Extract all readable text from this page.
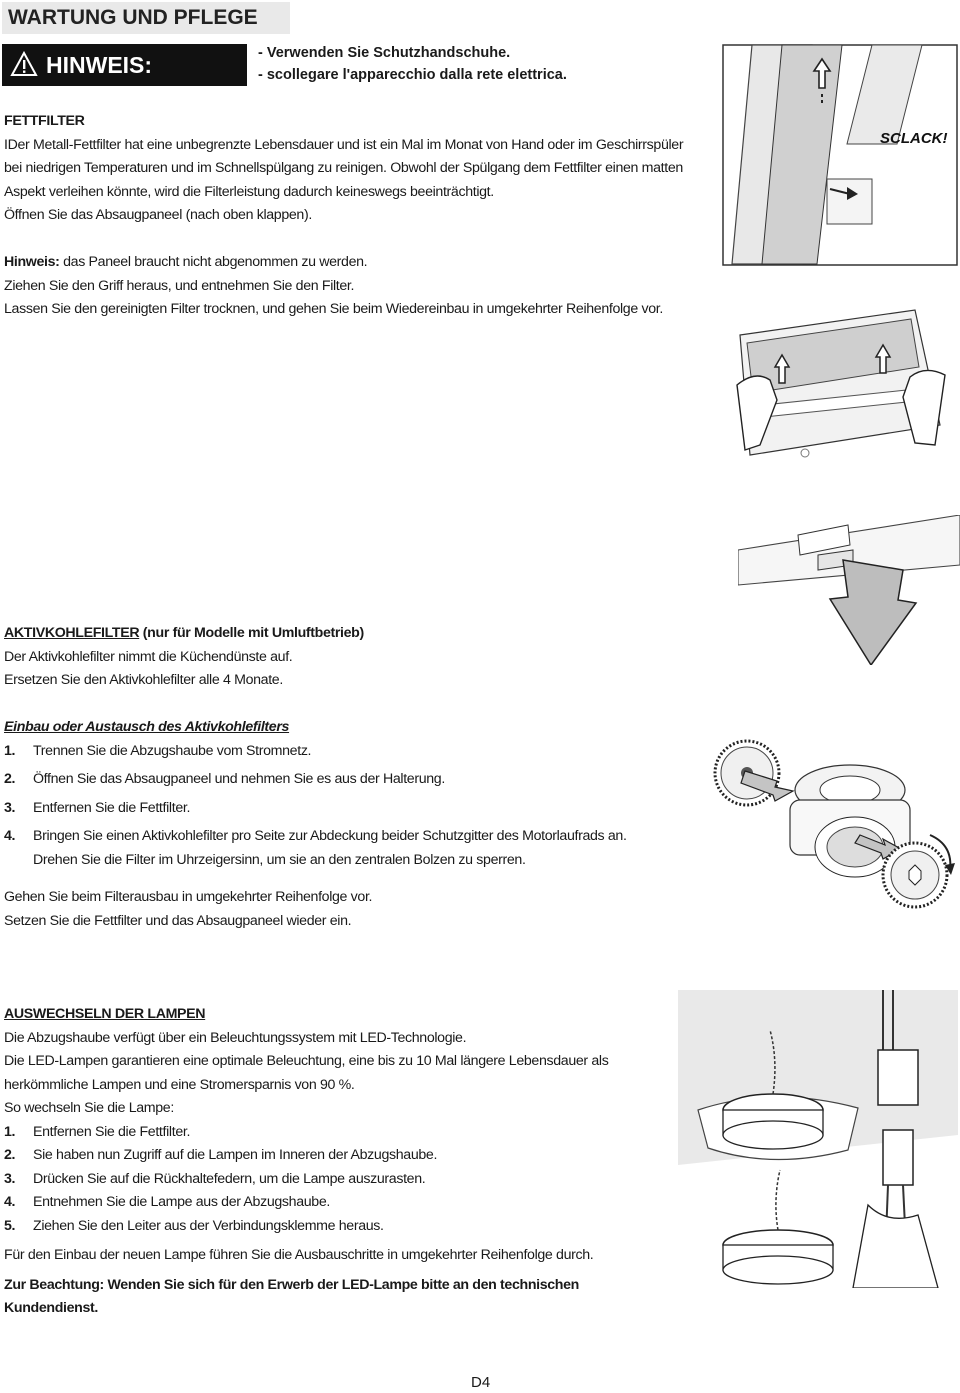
WARTUNG UND PFLEGE
HINWEIS:	- Verwenden Sie Schutzhandschuhe.
- scollegare l'apparecchio dalla rete elettrica.

FETTFILTER

IDer Metall-Fettfilter hat eine unbegrenzte Lebensdauer und ist ein Mal im Monat von Hand oder im Geschirrspüler

bei niedrigen Temperaturen und im Schnellspülgang zu reinigen. Obwohl der Spülgang dem Fettfilter einen matten

Aspekt verleihen könnte, wird die Filterleistung dadurch keineswegs beeinträchtigt.

Öffnen Sie das Absaugpaneel (nach oben klappen).

Hinweis: das Paneel braucht nicht abgenommen zu werden.

Ziehen Sie den Griff heraus, und entnehmen Sie den Filter.

Lassen Sie den gereinigten Filter trocknen, und gehen Sie beim Wiedereinbau in umgekehrter Reihenfolge vor.

SCLACK!

AKTIVKOHLEFILTER (nur für Modelle mit Umluftbetrieb)

Der Aktivkohlefilter nimmt die Küchendünste auf.

Ersetzen Sie den Aktivkohlefilter alle 4 Monate.

Einbau oder Austausch des Aktivkohlefilters

1. Trennen Sie die Abzugshaube vom Stromnetz.

2. Öffnen Sie das Absaugpaneel und nehmen Sie es aus der Halterung.

3. Entfernen Sie die Fettfilter.

4. Bringen Sie einen Aktivkohlefilter pro Seite zur Abdeckung beider Schutzgitter des Motorlaufrads an.

Drehen Sie die Filter im Uhrzeigersinn, um sie an den zentralen Bolzen zu sperren.

Gehen Sie beim Filterausbau in umgekehrter Reihenfolge vor.

Setzen Sie die Fettfilter und das Absaugpaneel wieder ein.

AUSWECHSELN DER LAMPEN

Die Abzugshaube verfügt über ein Beleuchtungssystem mit LED-Technologie.

Die LED-Lampen garantieren eine optimale Beleuchtung, eine bis zu 10 Mal längere Lebensdauer als

herkömmliche Lampen und eine Stromersparnis von 90 %.

So wechseln Sie die Lampe:

1. Entfernen Sie die Fettfilter.

2. Sie haben nun Zugriff auf die Lampen im Inneren der Abzugshaube.

3. Drücken Sie auf die Rückhaltefedern, um die Lampe auszurasten.

4. Entnehmen Sie die Lampe aus der Abzugshaube.

5. Ziehen Sie den Leiter aus der Verbindungsklemme heraus.

Für den Einbau der neuen Lampe führen Sie die Ausbauschritte in umgekehrter Reihenfolge durch.

Zur Beachtung: Wenden Sie sich für den Erwerb der LED-Lampe bitte an den technischen

Kundendienst.

D4
